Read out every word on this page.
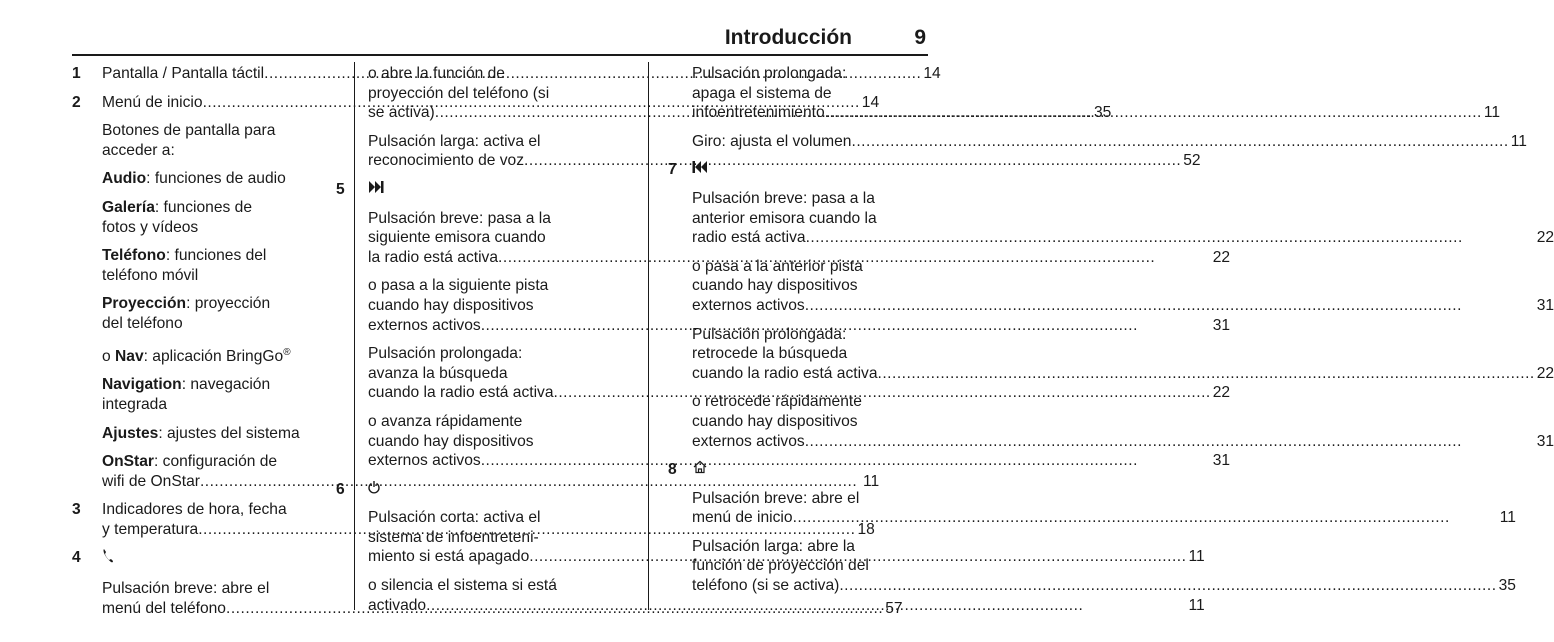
Introducción	9
1	Pantalla / Pantalla táctil .....	14
2	Menú de inicio .....	14
Botones de pantalla para
acceder a:
Audio: funciones de audio
Galería: funciones de
fotos y vídeos
Teléfono: funciones del
teléfono móvil
Proyección: proyección
del teléfono
o Nav: aplicación BringGo®
Navigation: navegación
integrada
Ajustes: ajustes del sistema
OnStar: configuración de
wifi de OnStar .....	11
3	Indicadores de hora, fecha
y temperatura .....	18
4
Pulsación breve: abre el
menú del teléfono .....	57
o abre la función de
proyección del teléfono (si
se activa) .....	35
Pulsación larga: activa el
reconocimiento de voz .....	52
5
Pulsación breve: pasa a la
siguiente emisora cuando
la radio está activa .....	22
o pasa a la siguiente pista
cuando hay dispositivos
externos activos .....	31
Pulsación prolongada:
avanza la búsqueda
cuando la radio está activa .....	22
o avanza rápidamente
cuando hay dispositivos
externos activos .....	31
6
Pulsación corta: activa el
sistema de infoentreteni-
miento si está apagado .....	11
o silencia el sistema si está
activado .....	11
Pulsación prolongada:
apaga el sistema de
infoentretenimiento .....	11
Giro: ajusta el volumen .....	11
7
Pulsación breve: pasa a la
anterior emisora cuando la
radio está activa .....	22
o pasa a la anterior pista
cuando hay dispositivos
externos activos .....	31
Pulsación prolongada:
retrocede la búsqueda
cuando la radio está activa .....	22
o retrocede rápidamente
cuando hay dispositivos
externos activos .....	31
8
Pulsación breve: abre el
menú de inicio .....	11
Pulsación larga: abre la
función de proyección del
teléfono (si se activa) .....	35
